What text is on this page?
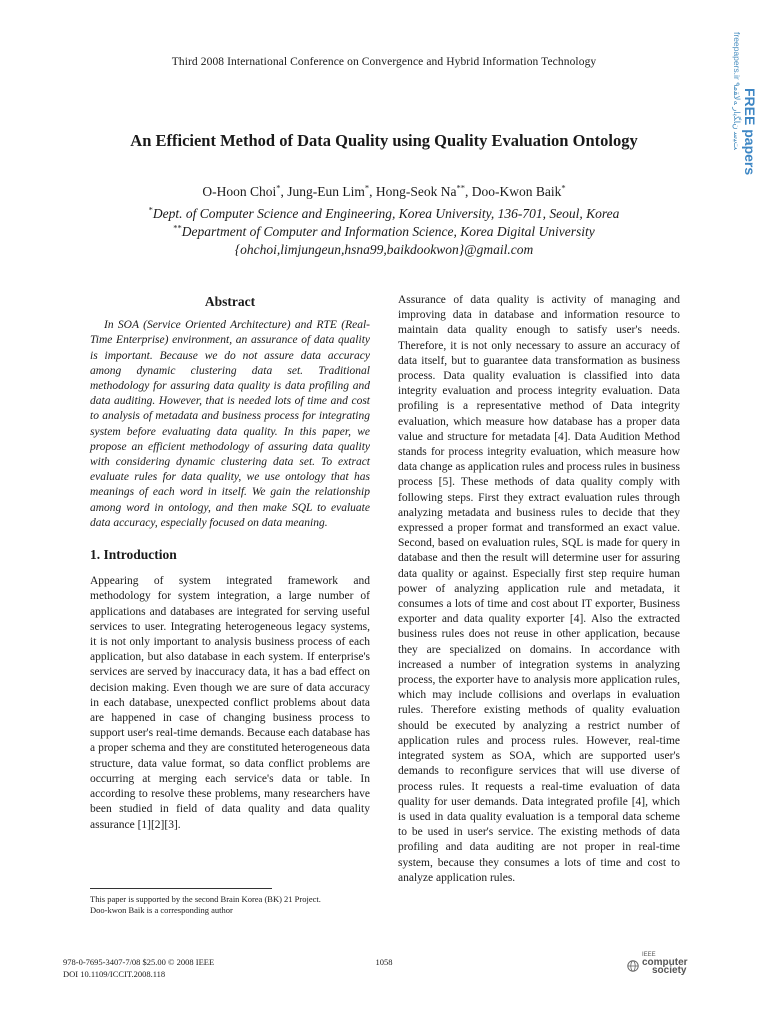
Third 2008 International Conference on Convergence and Hybrid Information Technology
An Efficient Method of Data Quality using Quality Evaluation Ontology
O-Hoon Choi*, Jung-Eun Lim*, Hong-Seok Na**, Doo-Kwon Baik*
*Dept. of Computer Science and Engineering, Korea University, 136-701, Seoul, Korea
**Department of Computer and Information Science, Korea Digital University
{ohchoi,limjungeun,hsna99,baikdookwon}@gmail.com
Abstract

In SOA (Service Oriented Architecture) and RTE (Real-Time Enterprise) environment, an assurance of data quality is important. Because we do not assure data accuracy among dynamic clustering data set. Traditional methodology for assuring data quality is data profiling and data auditing. However, that is needed lots of time and cost to analysis of metadata and business process for integrating system before evaluating data quality. In this paper, we propose an efficient methodology of assuring data quality with considering dynamic clustering data set. To extract evaluate rules for data quality, we use ontology that has meanings of each word in itself. We gain the relationship among word in ontology, and then make SQL to evaluate data accuracy, especially focused on data meaning.

1. Introduction

Appearing of system integrated framework and methodology for system integration, a large number of applications and databases are integrated for serving useful services to user. Integrating heterogeneous legacy systems, it is not only important to analysis business process of each application, but also database in each system. If enterprise's services are served by inaccuracy data, it has a bad effect on decision making. Even though we are sure of data accuracy in each database, unexpected conflict problems about data are happened in case of changing business process to support user's real-time demands. Because each database has a proper schema and they are constituted heterogeneous data structure, data value format, so data conflict problems are occurring at merging each service's data or table. In according to resolve these problems, many researchers have been studied in field of data quality and data quality assurance [1][2][3].

Assurance of data quality is activity of managing and improving data in database and information resource to maintain data quality enough to satisfy user's needs. Therefore, it is not only necessary to assure an accuracy of data itself, but to guarantee data transformation as business process. Data quality evaluation is classified into data integrity evaluation and process integrity evaluation. Data profiling is a representative method of Data integrity evaluation, which measure how database has a proper data value and structure for metadata [4]. Data Audition Method stands for process integrity evaluation, which measure how data change as application rules and process rules in business process [5]. These methods of data quality comply with following steps. First they extract evaluation rules through analyzing metadata and business rules to decide that they expressed a proper format and transformed an exact value. Second, based on evaluation rules, SQL is made for query in database and then the result will determine user for assuring data quality or against. Especially first step require human power of analyzing application rule and metadata, it consumes a lots of time and cost about IT exporter, Business exporter and data quality exporter [4]. Also the extracted business rules does not reuse in other application, because they are specialized on domains. In accordance with increased a number of integration systems in analyzing process, the exporter have to analysis more application rules, which may include collisions and overlaps in evaluation rules. Therefore existing methods of quality evaluation should be executed by analyzing a restrict number of application rules and process rules. However, real-time integrated system as SOA, which are supported user's demands to reconfigure services that will use diverse of process rules. It requests a real-time evaluation of data quality for user demands. Data integrated profile [4], which is used in data quality evaluation is a temporal data scheme to be used in user's service. The existing methods of data profiling and data auditing are not proper in real-time system, because they consumes a lots of time and cost to analyze application rules.

This paper is supported by the second Brain Korea (BK) 21 Project.
Doo-kwon Baik is a corresponding author
978-0-7695-3407-7/08 $25.00 © 2008 IEEE
DOI 10.1109/ICCIT.2008.118
1058
IEEE
computer
society
freepapers.ir ۹ﺖﯿﺳ ﻥﺎﮕﯾﺍﺭ ﻪﻟﺎﻘﻣ FREE papers
